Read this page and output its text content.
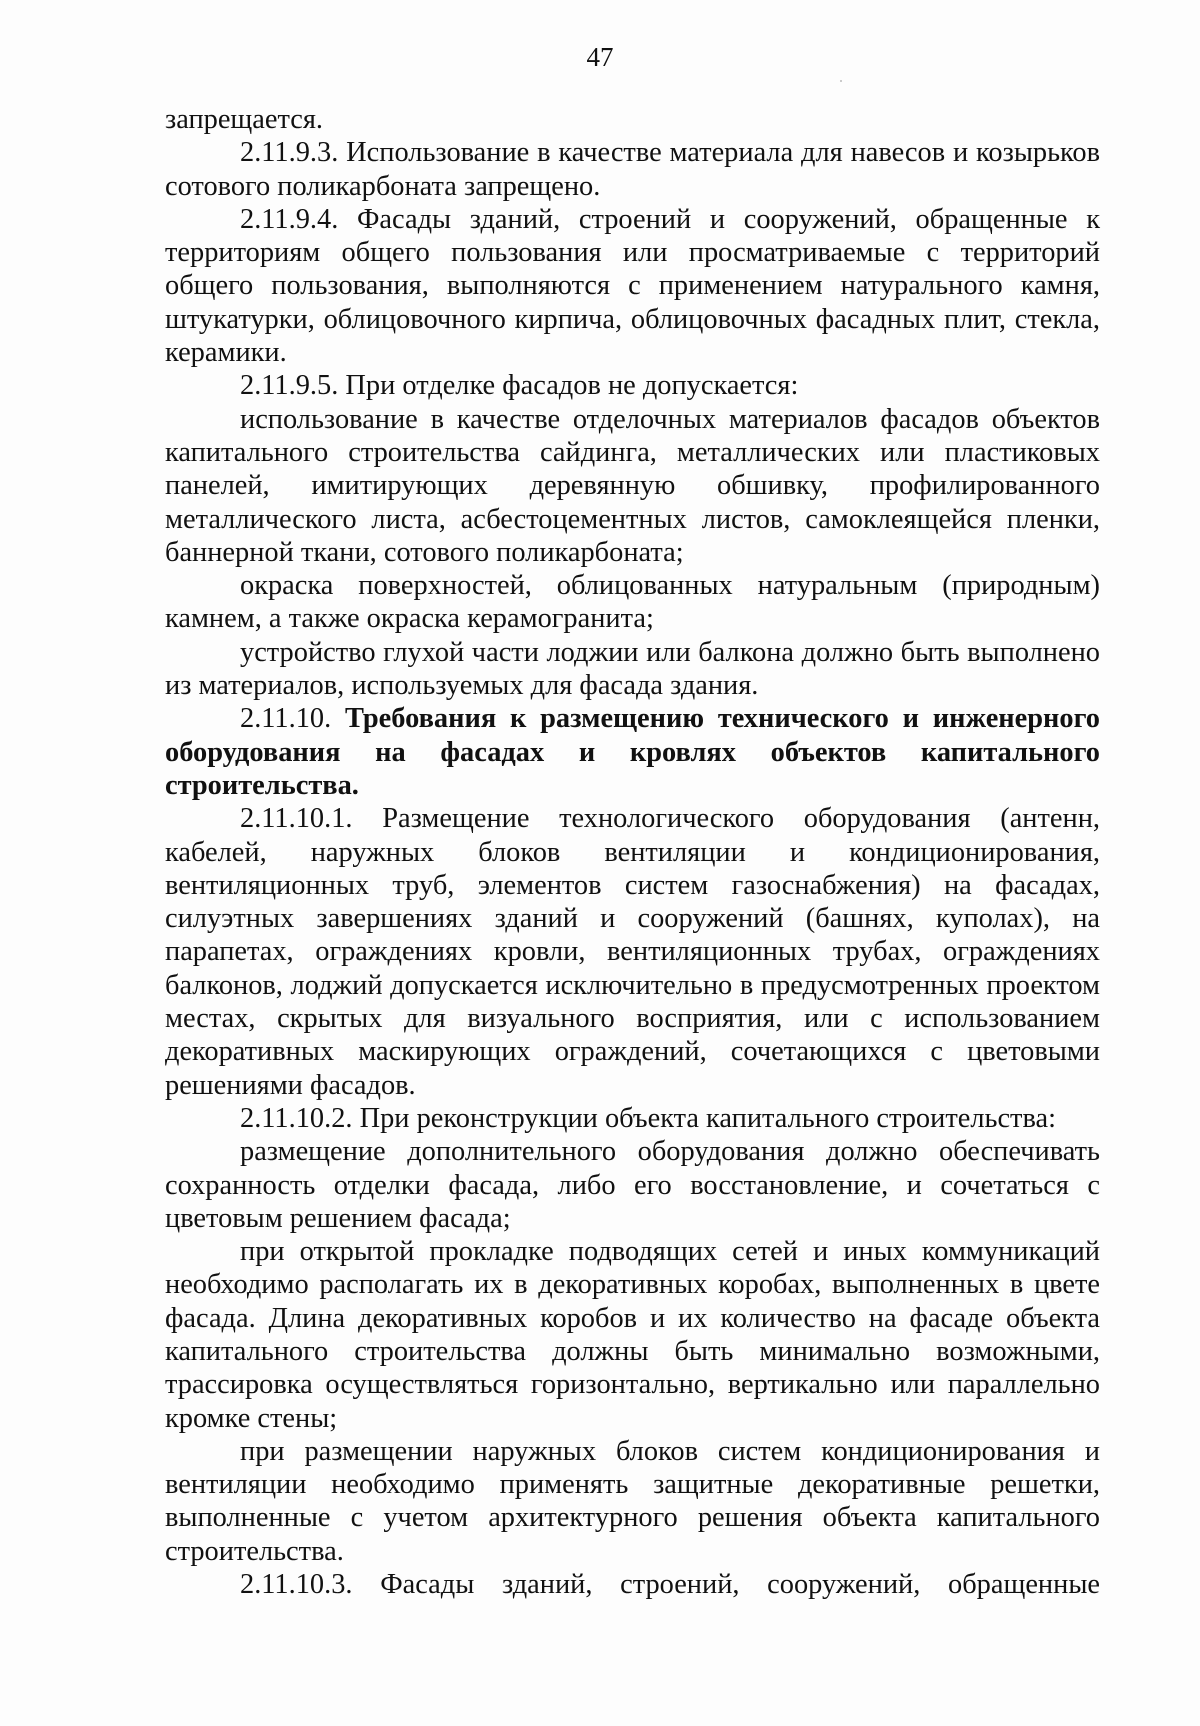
47

запрещается.

2.11.9.3. Использование в качестве материала для навесов и козырьков сотового поликарбоната запрещено.

2.11.9.4. Фасады зданий, строений и сооружений, обращенные к территориям общего пользования или просматриваемые с территорий общего пользования, выполняются с применением натурального камня, штукатурки, облицовочного кирпича, облицовочных фасадных плит, стекла, керамики.

2.11.9.5. При отделке фасадов не допускается:

использование в качестве отделочных материалов фасадов объектов капитального строительства сайдинга, металлических или пластиковых панелей, имитирующих деревянную обшивку, профилированного металлического листа, асбестоцементных листов, самоклеящейся пленки, баннерной ткани, сотового поликарбоната;

окраска поверхностей, облицованных натуральным (природным) камнем, а также окраска керамогранита;

устройство глухой части лоджии или балкона должно быть выполнено из материалов, используемых для фасада здания.

2.11.10. Требования к размещению технического и инженерного оборудования на фасадах и кровлях объектов капитального строительства.

2.11.10.1. Размещение технологического оборудования (антенн, кабелей, наружных блоков вентиляции и кондиционирования, вентиляционных труб, элементов систем газоснабжения) на фасадах, силуэтных завершениях зданий и сооружений (башнях, куполах), на парапетах, ограждениях кровли, вентиляционных трубах, ограждениях балконов, лоджий допускается исключительно в предусмотренных проектом местах, скрытых для визуального восприятия, или с использованием декоративных маскирующих ограждений, сочетающихся с цветовыми решениями фасадов.

2.11.10.2. При реконструкции объекта капитального строительства:

размещение дополнительного оборудования должно обеспечивать сохранность отделки фасада, либо его восстановление, и сочетаться с цветовым решением фасада;

при открытой прокладке подводящих сетей и иных коммуникаций необходимо располагать их в декоративных коробах, выполненных в цвете фасада. Длина декоративных коробов и их количество на фасаде объекта капитального строительства должны быть минимально возможными, трассировка осуществляться горизонтально, вертикально или параллельно кромке стены;

при размещении наружных блоков систем кондиционирования и вентиляции необходимо применять защитные декоративные решетки, выполненные с учетом архитектурного решения объекта капитального строительства.

2.11.10.3. Фасады зданий, строений, сооружений, обращенные
